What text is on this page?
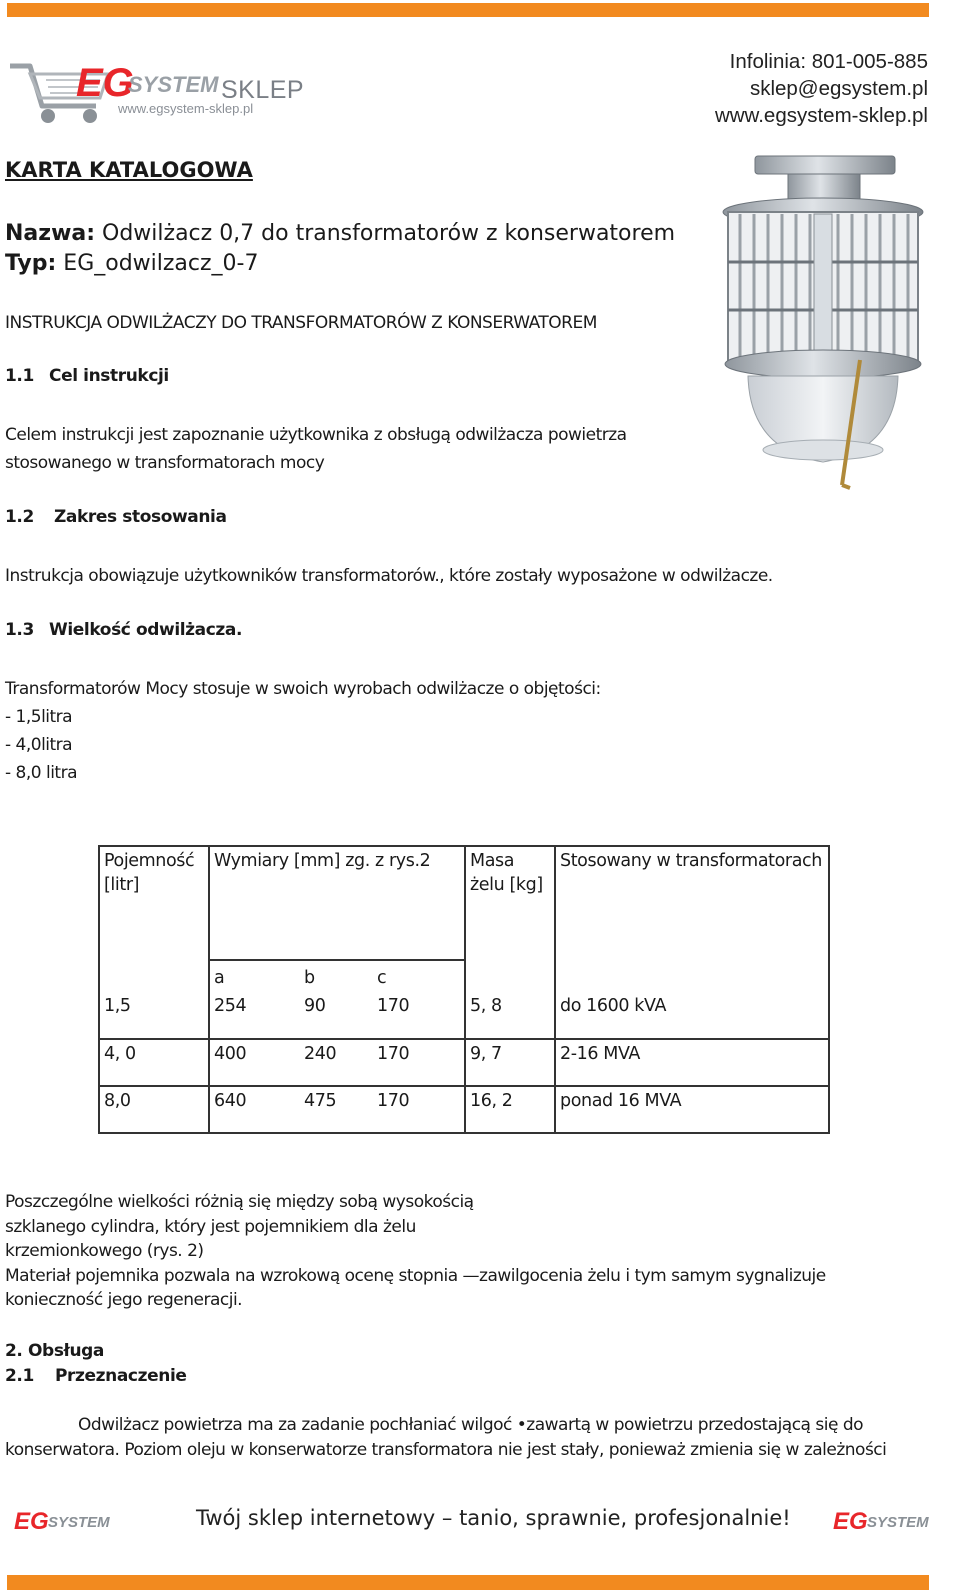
EG
SYSTEM SKLEP
www.egsystem-sklep.pl
Infolinia: 801-005-885
sklep@egsystem.pl
www.egsystem-sklep.pl
KARTA KATALOGOWA
Nazwa: Odwilżacz 0,7 do transformatorów z konserwatorem
Typ: EG_odwilzacz_0-7
INSTRUKCJA ODWILŻACZY DO TRANSFORMATORÓW Z KONSERWATOREM
1.1 Cel instrukcji
Celem instrukcji jest zapoznanie użytkownika z obsługą odwilżacza powietrza
stosowanego w transformatorach mocy
1.2 Zakres stosowania
Instrukcja obowiązuje użytkowników transformatorów., które zostały wyposażone w odwilżacze.
1.3 Wielkość odwilżacza.
Transformatorów Mocy stosuje w swoich wyrobach odwilżacze o objętości:
- 1,5litra
- 4,0litra
- 8,0 litra
Pojemność [litr]	Wymiary [mm] zg. z rys.2			Masa żelu [kg]	Stosowany w transformatorach
	a	b	c		
1,5	254	90	170	5, 8	do 1600 kVA
4, 0	400	240	170	9, 7	2-16 MVA
8,0	640	475	170	16, 2	ponad 16 MVA
Poszczególne wielkości różnią się między sobą wysokością
szklanego cylindra, który jest pojemnikiem dla żelu
krzemionkowego (rys. 2)
Materiał pojemnika pozwala na wzrokową ocenę stopnia —zawilgocenia żelu i tym samym sygnalizuje
konieczność jego regeneracji.
2. Obsługa
2.1 Przeznaczenie
Odwilżacz powietrza ma za zadanie pochłaniać wilgoć •zawartą w powietrzu przedostającą się do
konserwatora. Poziom oleju w konserwatorze transformatora nie jest stały, ponieważ zmienia się w zależności
EG SYSTEM	Twój sklep internetowy – tanio, sprawnie, profesjonalnie! EG SYSTEM
